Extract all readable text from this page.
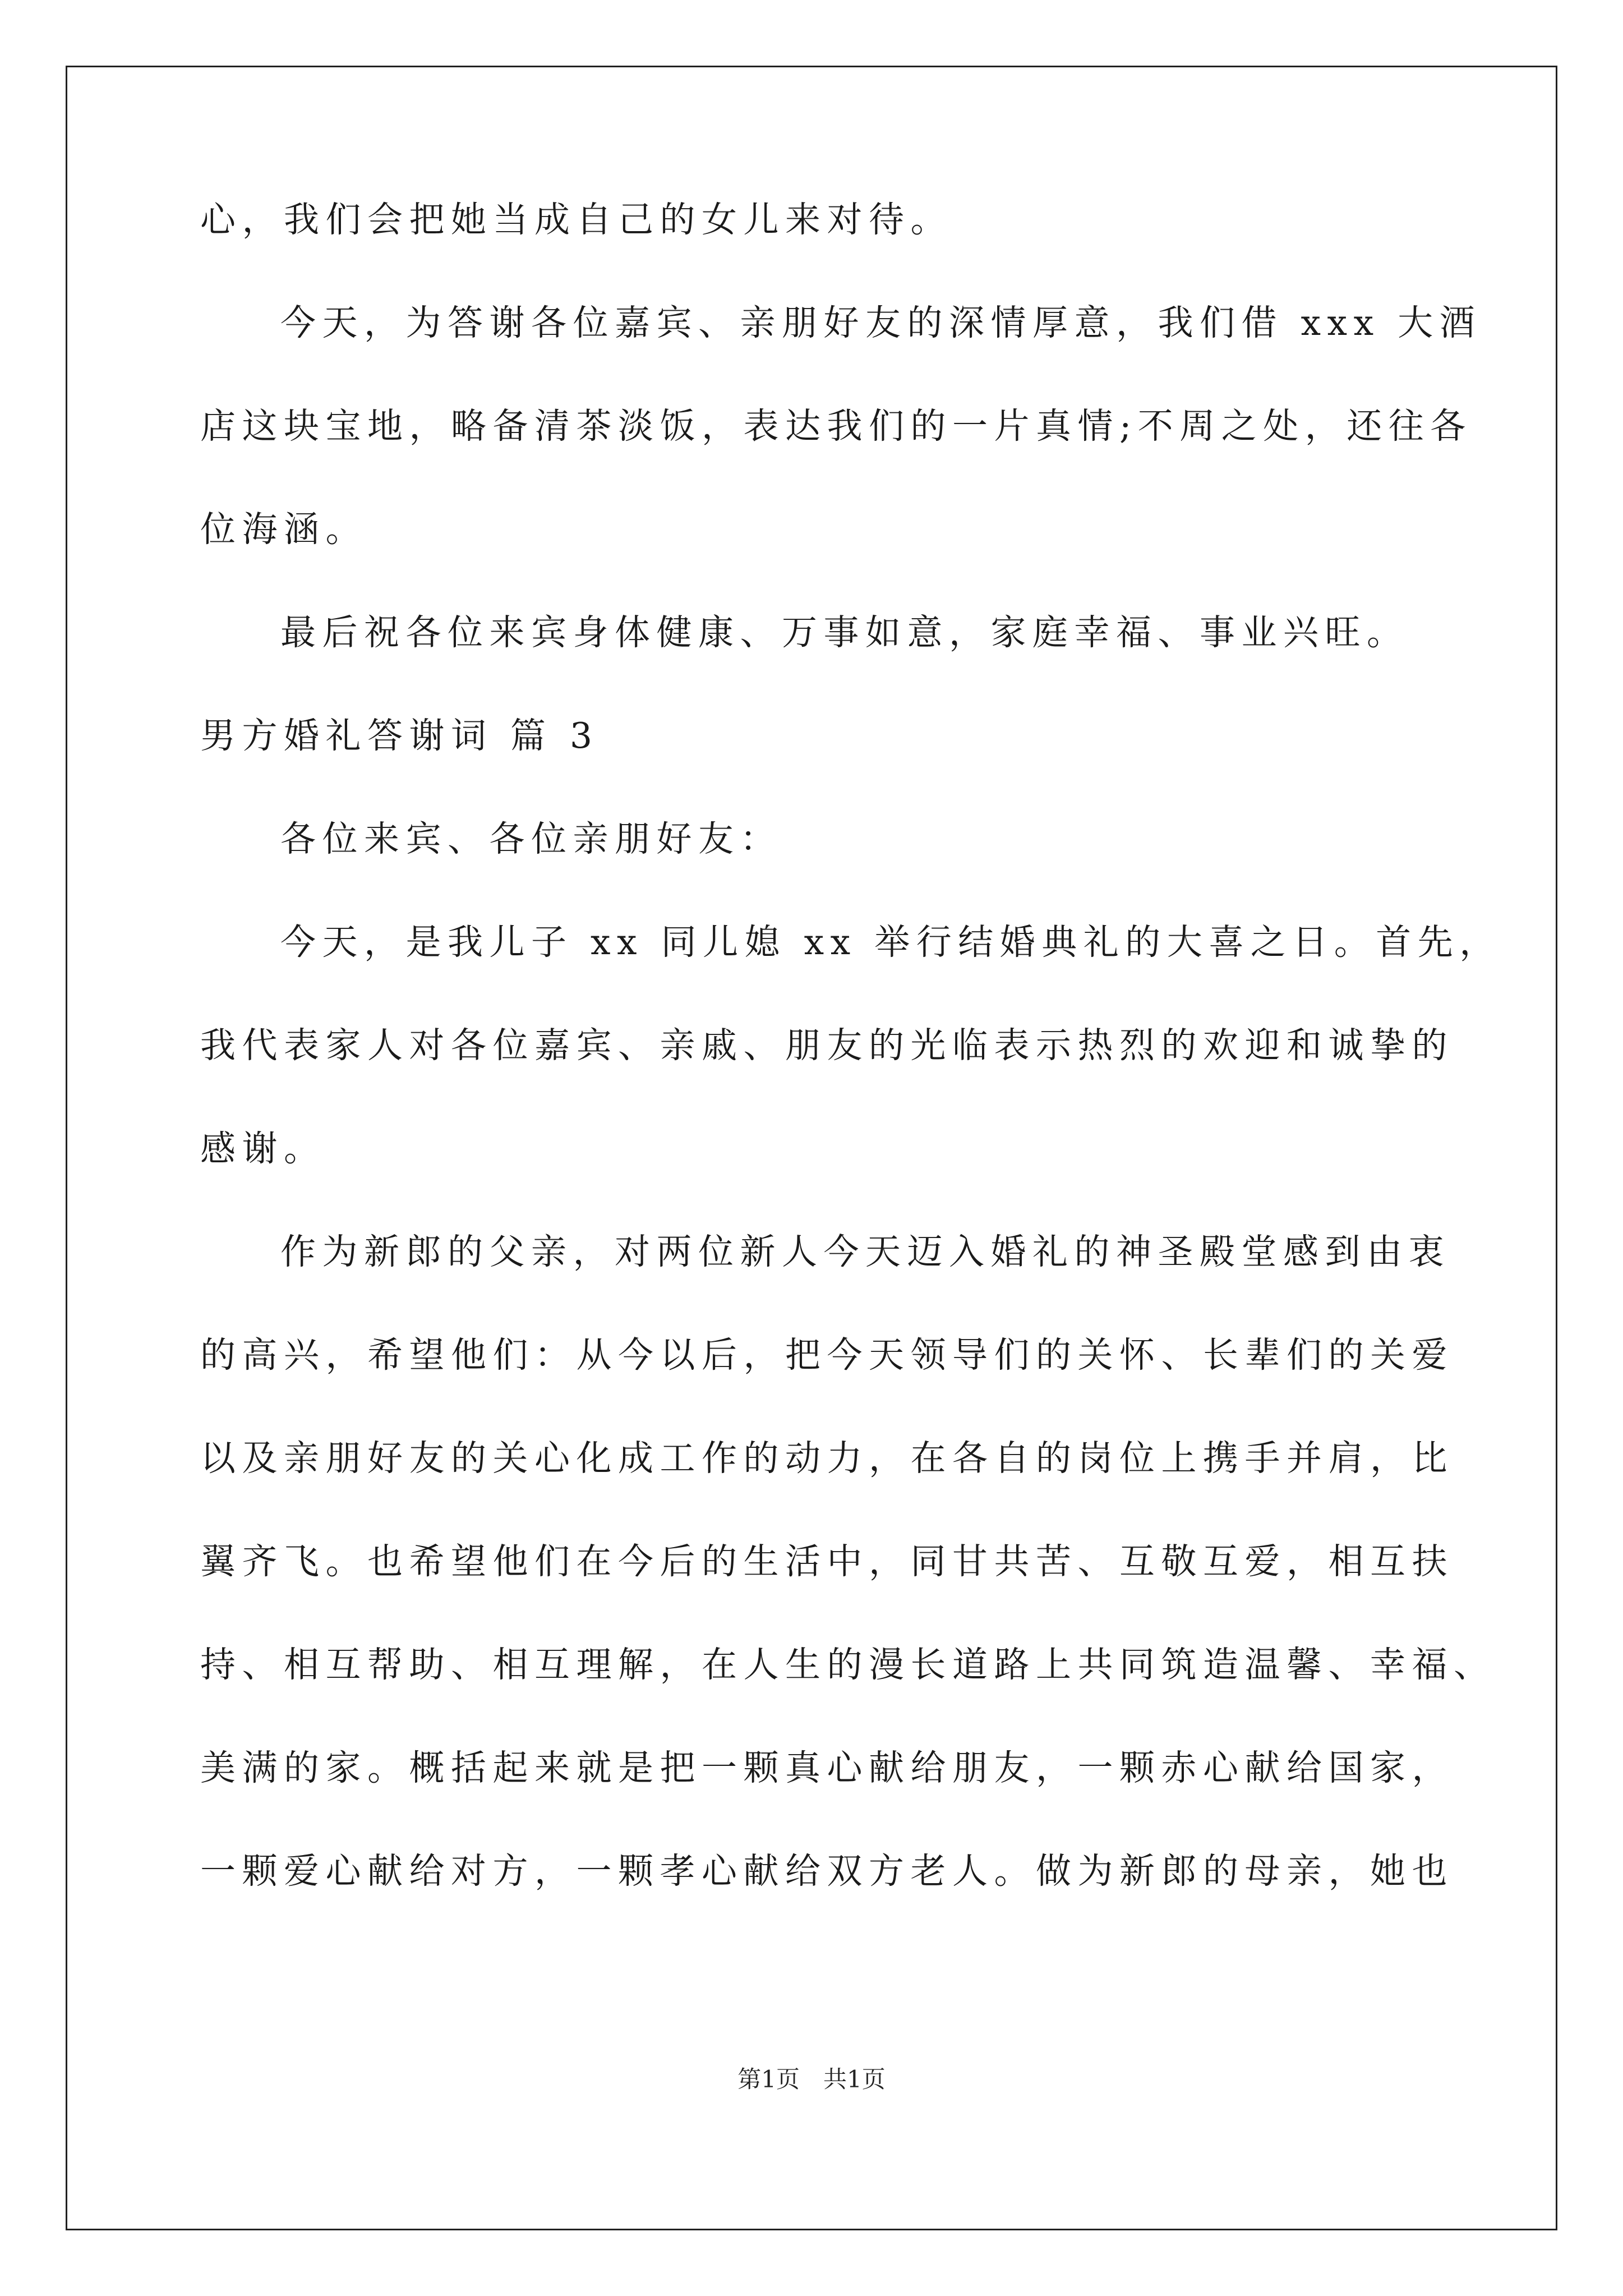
心，我们会把她当成自己的女儿来对待。
今天，为答谢各位嘉宾、亲朋好友的深情厚意，我们借 xxx 大酒
店这块宝地，略备清茶淡饭，表达我们的一片真情;不周之处，还往各
位海涵。
最后祝各位来宾身体健康、万事如意，家庭幸福、事业兴旺。
男方婚礼答谢词 篇 3
各位来宾、各位亲朋好友：
今天，是我儿子 xx 同儿媳 xx 举行结婚典礼的大喜之日。首先，
我代表家人对各位嘉宾、亲戚、朋友的光临表示热烈的欢迎和诚挚的
感谢。
作为新郎的父亲，对两位新人今天迈入婚礼的神圣殿堂感到由衷
的高兴，希望他们：从今以后，把今天领导们的关怀、长辈们的关爱
以及亲朋好友的关心化成工作的动力，在各自的岗位上携手并肩，比
翼齐飞。也希望他们在今后的生活中，同甘共苦、互敬互爱，相互扶
持、相互帮助、相互理解，在人生的漫长道路上共同筑造温馨、幸福、
美满的家。概括起来就是把一颗真心献给朋友，一颗赤心献给国家，
一颗爱心献给对方，一颗孝心献给双方老人。做为新郎的母亲，她也
第1页　共1页
